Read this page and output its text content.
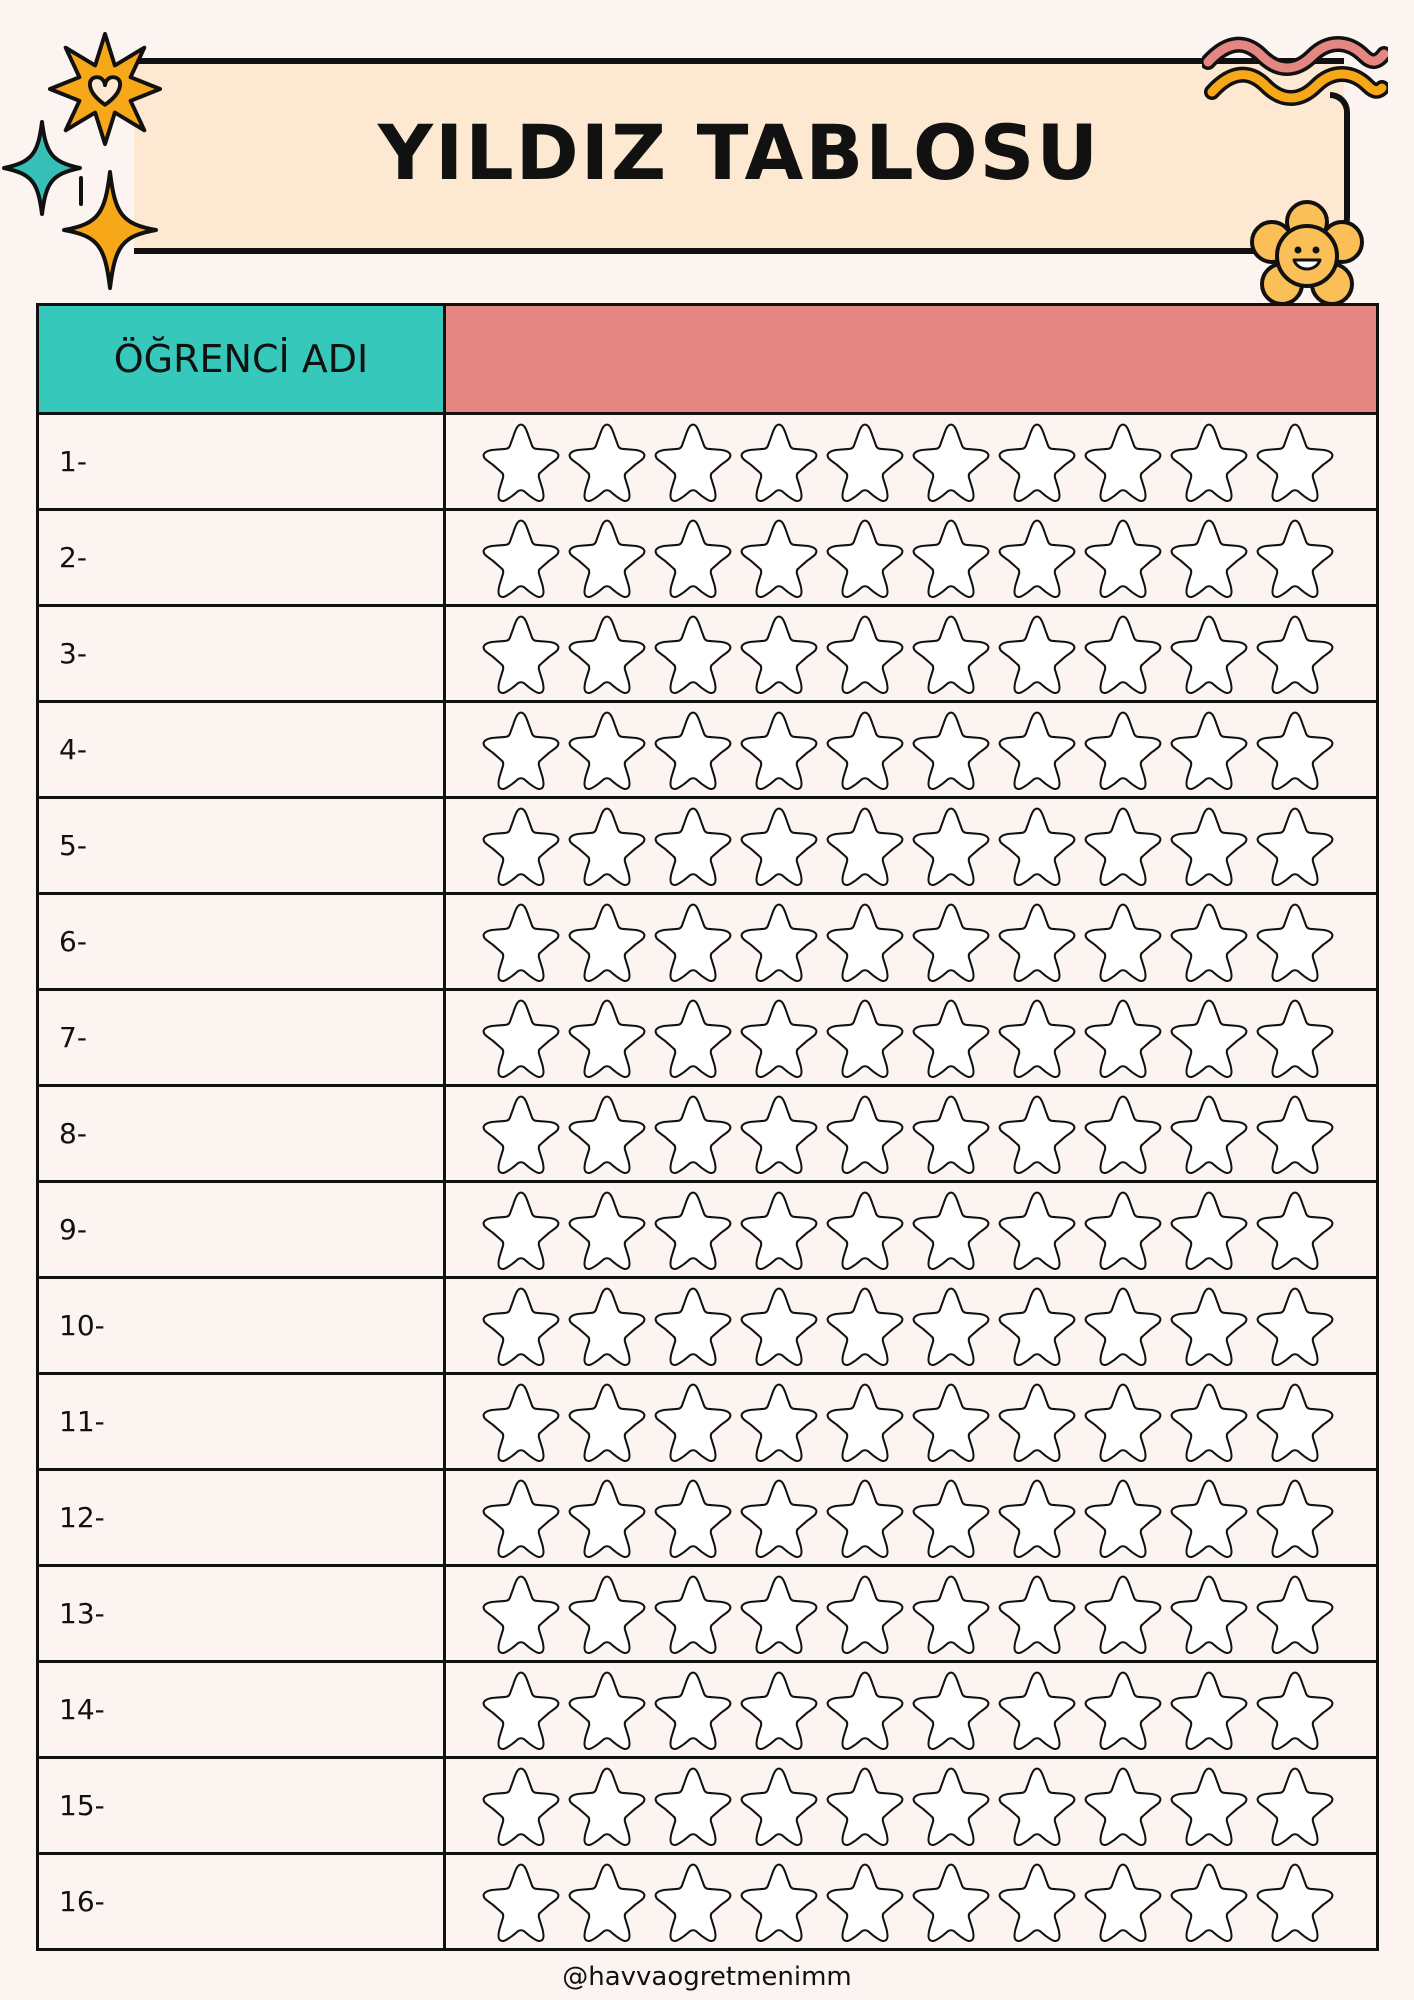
YILDIZ TABLOSU
ÖĞRENCİ ADI	
1-	

2-	

3-	

4-	

5-	

6-	

7-	

8-	

9-	

10-	

11-	

12-	

13-	

14-	

15-	

16-	
@havvaogretmenimm
